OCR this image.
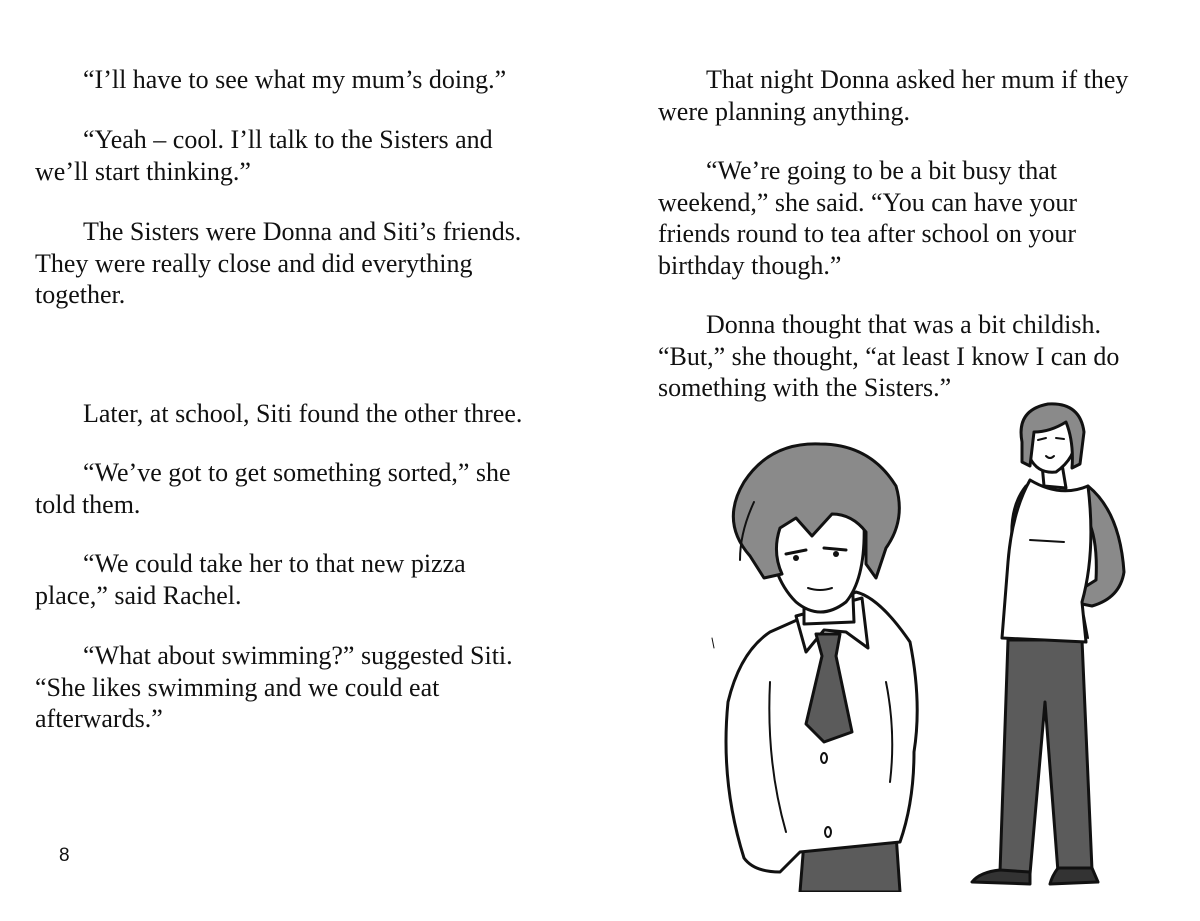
“I’ll have to see what my mum’s doing.”

“Yeah – cool. I’ll talk to the Sisters and
we’ll start thinking.”

The Sisters were Donna and Siti’s friends.
They were really close and did everything
together.

Later, at school, Siti found the other three.

“We’ve got to get something sorted,” she
told them.

“We could take her to that new pizza
place,” said Rachel.

“What about swimming?” suggested Siti.
“She likes swimming and we could eat
afterwards.”

8

That night Donna asked her mum if they
were planning anything.

“We’re going to be a bit busy that
weekend,” she said. “You can have your
friends round to tea after school on your
birthday though.”

Donna thought that was a bit childish.
“But,” she thought, “at least I know I can do
something with the Sisters.”
